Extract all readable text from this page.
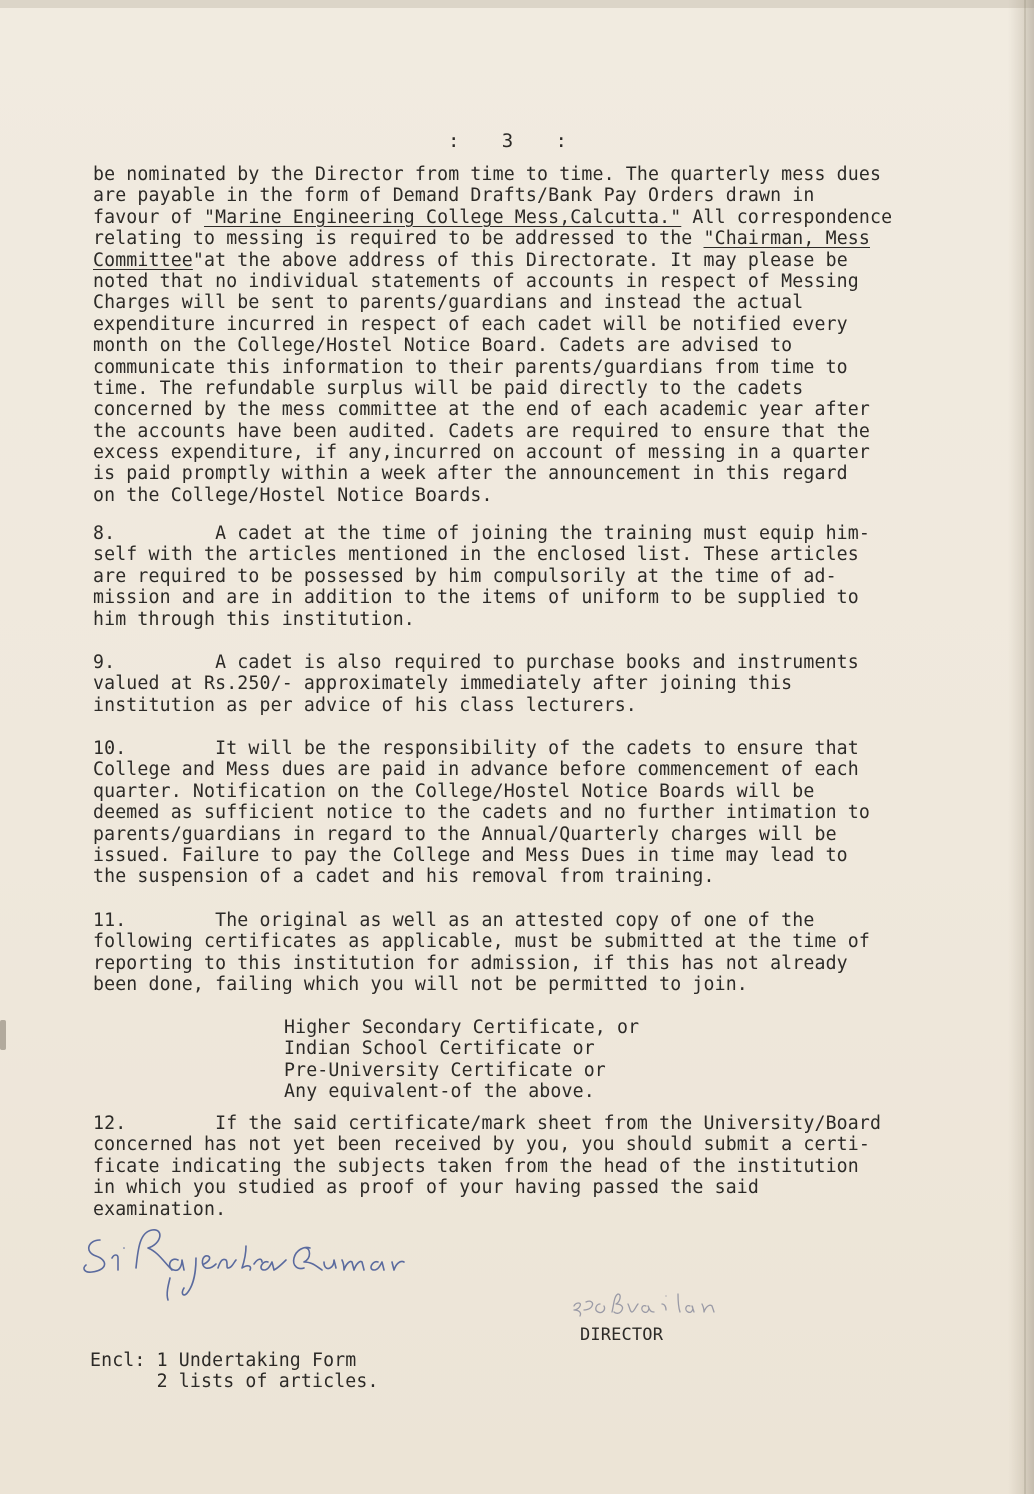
:   3   :
be nominated by the Director from time to time. The quarterly mess dues
are payable in the form of Demand Drafts/Bank Pay Orders drawn in
favour of "Marine Engineering College Mess,Calcutta." All correspondence
relating to messing is required to be addressed to the "Chairman, Mess
Committee"at the above address of this Directorate. It may please be
noted that no individual statements of accounts in respect of Messing
Charges will be sent to parents/guardians and instead the actual
expenditure incurred in respect of each cadet will be notified every
month on the College/Hostel Notice Board. Cadets are advised to
communicate this information to their parents/guardians from time to
time. The refundable surplus will be paid directly to the cadets
concerned by the mess committee at the end of each academic year after
the accounts have been audited. Cadets are required to ensure that the
excess expenditure, if any,incurred on account of messing in a quarter
is paid promptly within a week after the announcement in this regard
on the College/Hostel Notice Boards.
8.         A cadet at the time of joining the training must equip him-
self with the articles mentioned in the enclosed list. These articles
are required to be possessed by him compulsorily at the time of ad-
mission and are in addition to the items of uniform to be supplied to
him through this institution.
9.         A cadet is also required to purchase books and instruments
valued at Rs.250/- approximately immediately after joining this
institution as per advice of his class lecturers.
10.        It will be the responsibility of the cadets to ensure that
College and Mess dues are paid in advance before commencement of each
quarter. Notification on the College/Hostel Notice Boards will be
deemed as sufficient notice to the cadets and no further intimation to
parents/guardians in regard to the Annual/Quarterly charges will be
issued. Failure to pay the College and Mess Dues in time may lead to
the suspension of a cadet and his removal from training.
11.        The original as well as an attested copy of one of the
following certificates as applicable, must be submitted at the time of
reporting to this institution for admission, if this has not already
been done, failing which you will not be permitted to join.
Higher Secondary Certificate, or
Indian School Certificate or
Pre-University Certificate or
Any equivalent-of the above.
12.        If the said certificate/mark sheet from the University/Board
concerned has not yet been received by you, you should submit a certi-
ficate indicating the subjects taken from the head of the institution
in which you studied as proof of your having passed the said
examination.
DIRECTOR
Encl: 1 Undertaking Form
2 lists of articles.
